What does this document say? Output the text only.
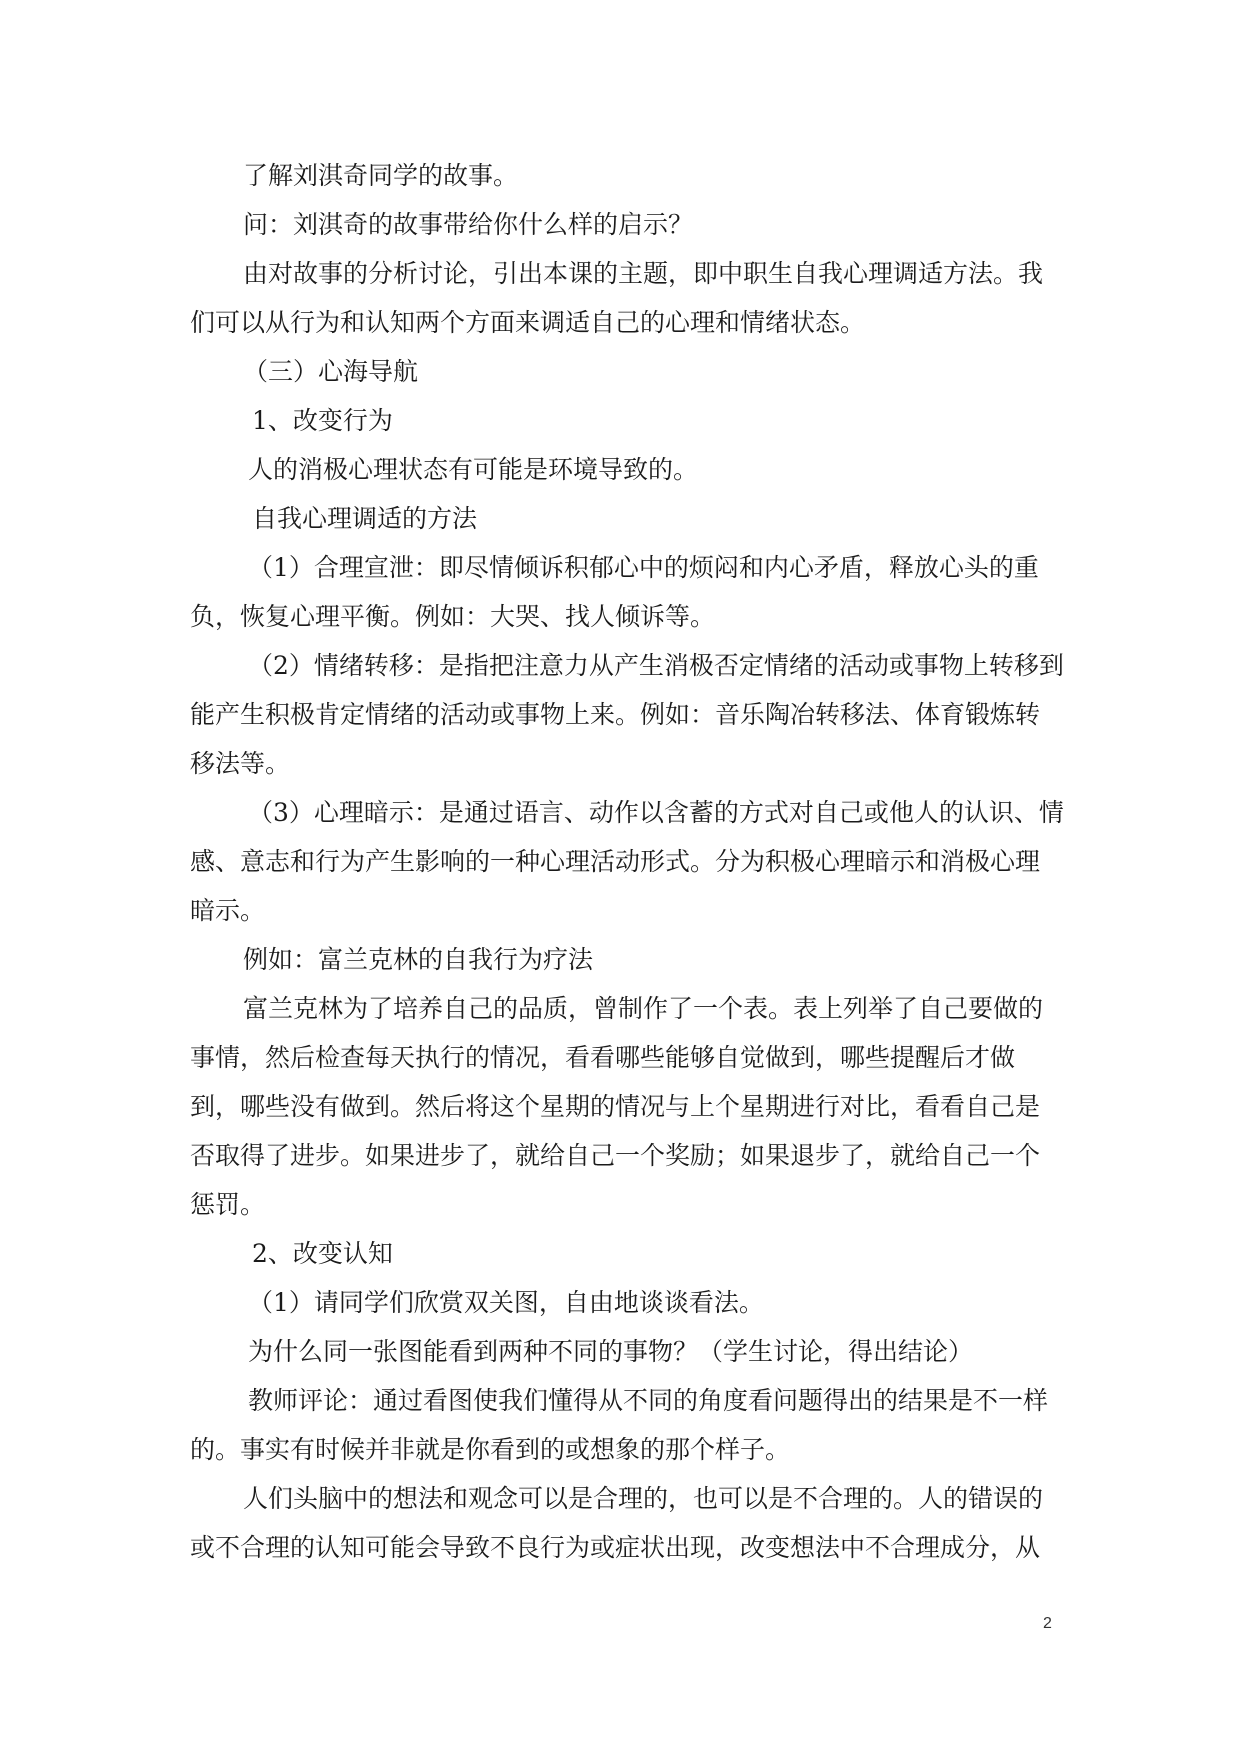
了解刘淇奇同学的故事。
问：刘淇奇的故事带给你什么样的启示？
由对故事的分析讨论，引出本课的主题，即中职生自我心理调适方法。我
们可以从行为和认知两个方面来调适自己的心理和情绪状态。
（三）心海导航
1、改变行为
人的消极心理状态有可能是环境导致的。
自我心理调适的方法
（1）合理宣泄：即尽情倾诉积郁心中的烦闷和内心矛盾，释放心头的重
负，恢复心理平衡。例如：大哭、找人倾诉等。
（2）情绪转移：是指把注意力从产生消极否定情绪的活动或事物上转移到
能产生积极肯定情绪的活动或事物上来。例如：音乐陶冶转移法、体育锻炼转
移法等。
（3）心理暗示：是通过语言、动作以含蓄的方式对自己或他人的认识、情
感、意志和行为产生影响的一种心理活动形式。分为积极心理暗示和消极心理
暗示。
例如：富兰克林的自我行为疗法
富兰克林为了培养自己的品质，曾制作了一个表。表上列举了自己要做的
事情，然后检查每天执行的情况，看看哪些能够自觉做到，哪些提醒后才做
到，哪些没有做到。然后将这个星期的情况与上个星期进行对比，看看自己是
否取得了进步。如果进步了，就给自己一个奖励；如果退步了，就给自己一个
惩罚。
2、改变认知
（1）请同学们欣赏双关图，自由地谈谈看法。
为什么同一张图能看到两种不同的事物？（学生讨论，得出结论）
教师评论：通过看图使我们懂得从不同的角度看问题得出的结果是不一样
的。事实有时候并非就是你看到的或想象的那个样子。
人们头脑中的想法和观念可以是合理的，也可以是不合理的。人的错误的
或不合理的认知可能会导致不良行为或症状出现，改变想法中不合理成分，从
2
